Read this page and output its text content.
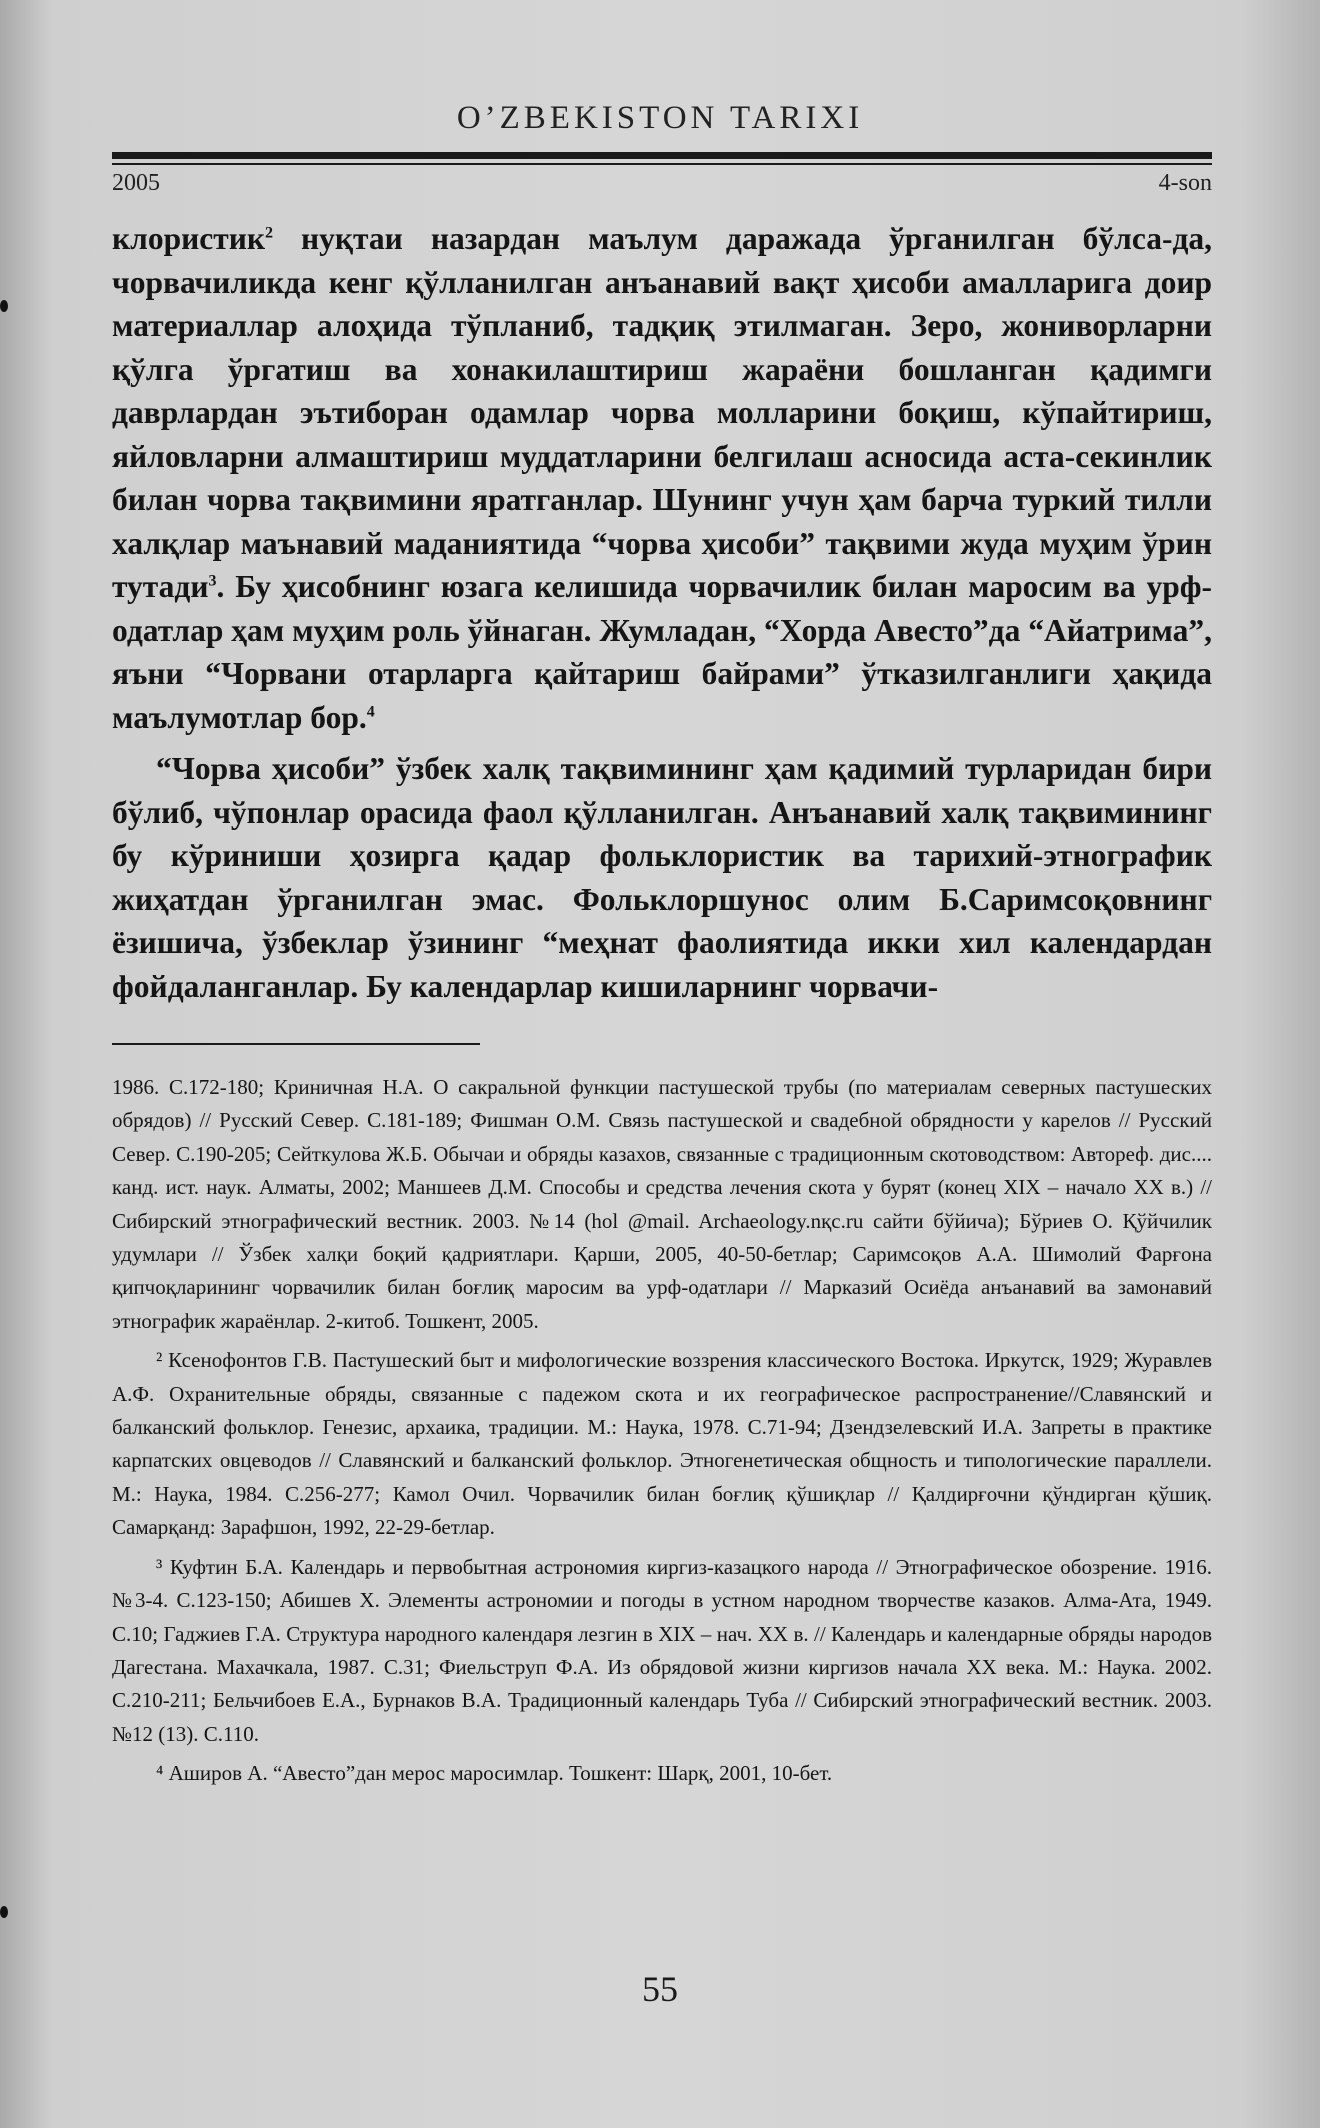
O’ZBEKISTON TARIXI
2005	4-son

клористик$^2$ нуқтаи назардан маълум даражада ўрганилган бўлса-да, чорвачиликда кенг қўлланилган анъанавий вақт ҳисоби амалларига доир материаллар алоҳида тўпланиб, тадқиқ этилмаган. Зеро, жониворларни қўлга ўргатиш ва хонакилаштириш жараёни бошланган қадимги даврлардан эътиборан одамлар чорва молларини боқиш, кўпайтириш, яйловларни алмаштириш муддатларини белгилаш асносида аста-секинлик билан чорва тақвимини яратганлар. Шунинг учун ҳам барча туркий тилли халқлар маънавий маданиятида “чорва ҳисоби” тақвими жуда муҳим ўрин тутади$^3$. Бу ҳисобнинг юзага келишида чорвачилик билан маросим ва урф-одатлар ҳам муҳим роль ўйнаган. Жумладан, “Хорда Авесто”да “Айатрима”, яъни “Чорвани отарларга қайтариш байрами” ўтказилганлиги ҳақида маълумотлар бор.$^4$

“Чорва ҳисоби” ўзбек халқ тақвимининг ҳам қадимий турларидан бири бўлиб, чўпонлар орасида фаол қўлланилган. Анъанавий халқ тақвимининг бу кўриниши ҳозирга қадар фольклористик ва тарихий-этнографик жиҳатдан ўрганилган эмас. Фольклоршунос олим Б.Саримсоқовнинг ёзишича, ўзбеклар ўзининг “меҳнат фаолиятида икки хил календардан фойдаланганлар. Бу календарлар кишиларнинг чорвачи-

1986. С.172-180; Криничная Н.А. О сакральной функции пастушеской трубы (по материалам северных пастушеских обрядов) // Русский Север. С.181-189; Фишман О.М. Связь пастушеской и свадебной обрядности у карелов // Русский Север. С.190-205; Сейткулова Ж.Б. Обычаи и обряды казахов, связанные с традиционным скотоводством: Автореф. дис.... канд. ист. наук. Алматы, 2002; Маншеев Д.М. Способы и средства лечения скота у бурят (конец XIX – начало XX в.) // Сибирский этнографический вестник. 2003. №14 (hol @mail. Archaeology.nқc.ru сайти бўйича); Бўриев О. Қўйчилик удумлари // Ўзбек халқи боқий қадриятлари. Қарши, 2005, 40-50-бетлар; Саримсоқов А.А. Шимолий Фарғона қипчоқларининг чорвачилик билан боғлиқ маросим ва урф-одатлари // Марказий Осиёда анъанавий ва замонавий этнографик жараёнлар. 2-китоб. Тошкент, 2005.

² Ксенофонтов Г.В. Пастушеский быт и мифологические воззрения классического Востока. Иркутск, 1929; Журавлев А.Ф. Охранительные обряды, связанные с падежом скота и их географическое распространение//Славянский и балканский фольклор. Генезис, архаика, традиции. М.: Наука, 1978. С.71-94; Дзендзелевский И.А. Запреты в практике карпатских овцеводов // Славянский и балканский фольклор. Этногенетическая общность и типологические параллели. М.: Наука, 1984. С.256-277; Камол Очил. Чорвачилик билан боғлиқ қўшиқлар // Қалдирғочни қўндирган қўшиқ. Самарқанд: Зарафшон, 1992, 22-29-бетлар.

³ Куфтин Б.А. Календарь и первобытная астрономия киргиз-казацкого народа // Этнографическое обозрение. 1916. №3-4. С.123-150; Абишев Х. Элементы астрономии и погоды в устном народном творчестве казаков. Алма-Ата, 1949. С.10; Гаджиев Г.А. Структура народного календаря лезгин в XIX – нач. XX в. // Календарь и календарные обряды народов Дагестана. Махачкала, 1987. С.31; Фиельструп Ф.А. Из обрядовой жизни киргизов начала XX века. М.: Наука. 2002. С.210-211; Бельчибоев Е.А., Бурнаков В.А. Традиционный календарь Туба // Сибирский этнографический вестник. 2003. №12 (13). С.110.

⁴ Аширов А. “Авесто”дан мерос маросимлар. Тошкент: Шарқ, 2001, 10-бет.

55
